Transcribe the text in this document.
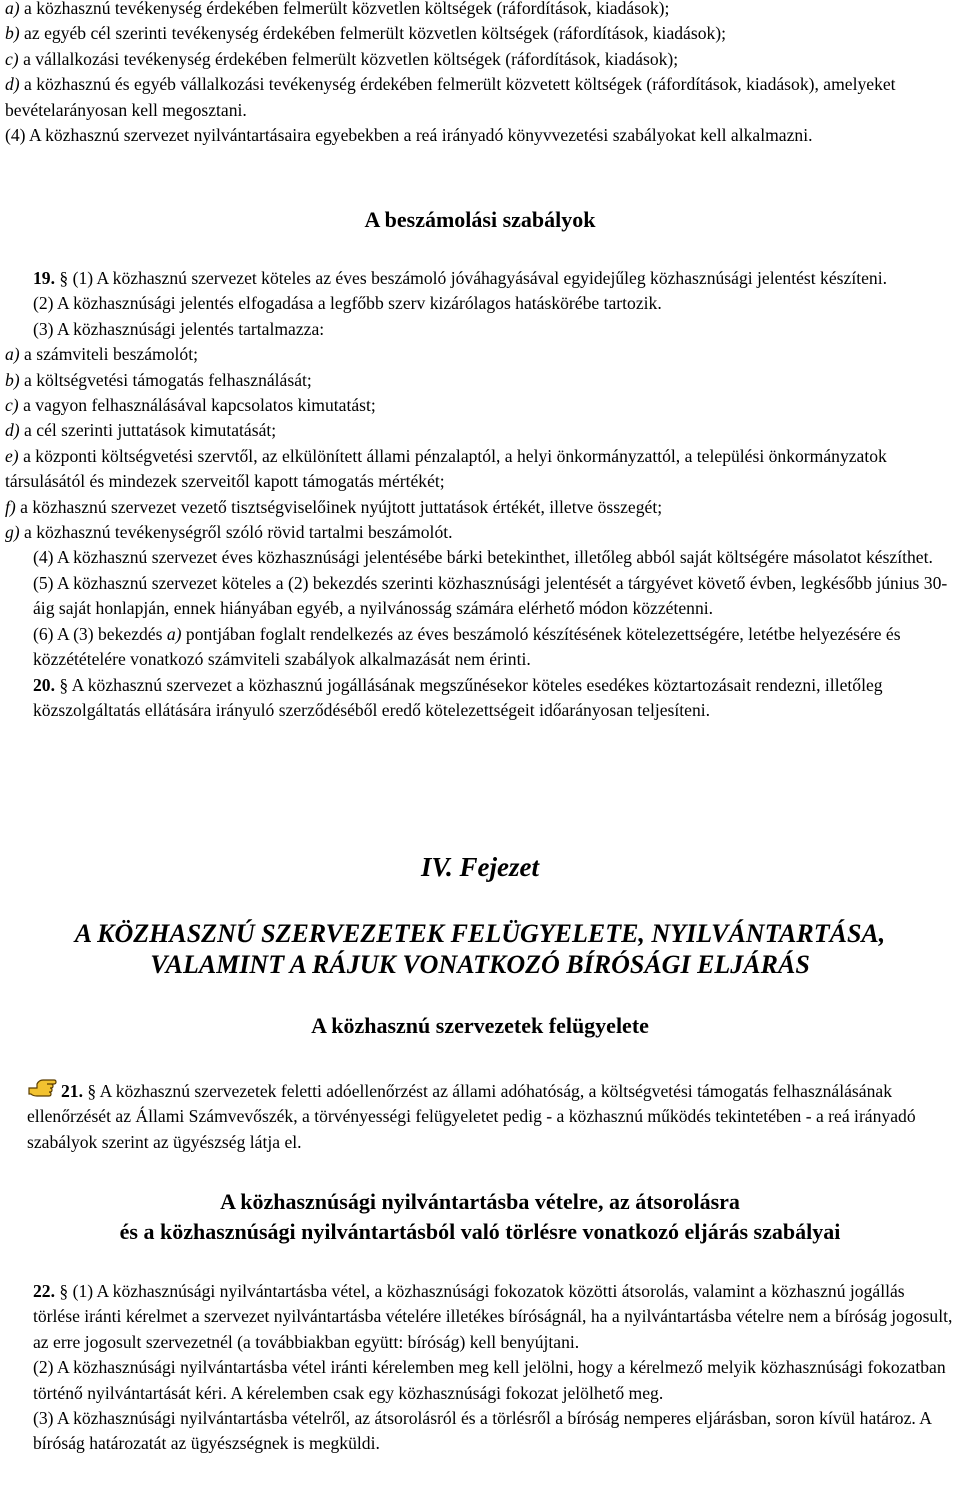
a) a közhasznú tevékenység érdekében felmerült közvetlen költségek (ráfordítások, kiadások);

b) az egyéb cél szerinti tevékenység érdekében felmerült közvetlen költségek (ráfordítások, kiadások);

c) a vállalkozási tevékenység érdekében felmerült közvetlen költségek (ráfordítások, kiadások);

d) a közhasznú és egyéb vállalkozási tevékenység érdekében felmerült közvetett költségek (ráfordítások, kiadások), amelyeket bevételarányosan kell megosztani.

(4) A közhasznú szervezet nyilvántartásaira egyebekben a reá irányadó könyvvezetési szabályokat kell alkalmazni.

A beszámolási szabályok

19. § (1) A közhasznú szervezet köteles az éves beszámoló jóváhagyásával egyidejűleg közhasznúsági jelentést készíteni.

(2) A közhasznúsági jelentés elfogadása a legfőbb szerv kizárólagos hatáskörébe tartozik.

(3) A közhasznúsági jelentés tartalmazza:

a) a számviteli beszámolót;

b) a költségvetési támogatás felhasználását;

c) a vagyon felhasználásával kapcsolatos kimutatást;

d) a cél szerinti juttatások kimutatását;

e) a központi költségvetési szervtől, az elkülönített állami pénzalaptól, a helyi önkormányzattól, a települési önkormányzatok társulásától és mindezek szerveitől kapott támogatás mértékét;

f) a közhasznú szervezet vezető tisztségviselőinek nyújtott juttatások értékét, illetve összegét;

g) a közhasznú tevékenységről szóló rövid tartalmi beszámolót.

(4) A közhasznú szervezet éves közhasznúsági jelentésébe bárki betekinthet, illetőleg abból saját költségére másolatot készíthet.

(5) A közhasznú szervezet köteles a (2) bekezdés szerinti közhasznúsági jelentését a tárgyévet követő évben, legkésőbb június 30-áig saját honlapján, ennek hiányában egyéb, a nyilvánosság számára elérhető módon közzétenni.

(6) A (3) bekezdés a) pontjában foglalt rendelkezés az éves beszámoló készítésének kötelezettségére, letétbe helyezésére és közzétételére vonatkozó számviteli szabályok alkalmazását nem érinti.

20. § A közhasznú szervezet a közhasznú jogállásának megszűnésekor köteles esedékes köztartozásait rendezni, illetőleg közszolgáltatás ellátására irányuló szerződéséből eredő kötelezettségeit időarányosan teljesíteni.

IV. Fejezet
A KÖZHASZNÚ SZERVEZETEK FELÜGYELETE, NYILVÁNTARTÁSA,
VALAMINT A RÁJUK VONATKOZÓ BÍRÓSÁGI ELJÁRÁS
A közhasznú szervezetek felügyelete

21. § A közhasznú szervezetek feletti adóellenőrzést az állami adóhatóság, a költségvetési támogatás felhasználásának ellenőrzését az Állami Számvevőszék, a törvényességi felügyeletet pedig - a közhasznú működés tekintetében - a reá irányadó szabályok szerint az ügyészség látja el.

A közhasznúsági nyilvántartásba vételre, az átsorolásra
és a közhasznúsági nyilvántartásból való törlésre vonatkozó eljárás szabályai

22. § (1) A közhasznúsági nyilvántartásba vétel, a közhasznúsági fokozatok közötti átsorolás, valamint a közhasznú jogállás törlése iránti kérelmet a szervezet nyilvántartásba vételére illetékes bíróságnál, ha a nyilvántartásba vételre nem a bíróság jogosult, az erre jogosult szervezetnél (a továbbiakban együtt: bíróság) kell benyújtani.

(2) A közhasznúsági nyilvántartásba vétel iránti kérelemben meg kell jelölni, hogy a kérelmező melyik közhasznúsági fokozatban történő nyilvántartását kéri. A kérelemben csak egy közhasznúsági fokozat jelölhető meg.

(3) A közhasznúsági nyilvántartásba vételről, az átsorolásról és a törlésről a bíróság nemperes eljárásban, soron kívül határoz. A bíróság határozatát az ügyészségnek is megküldi.
